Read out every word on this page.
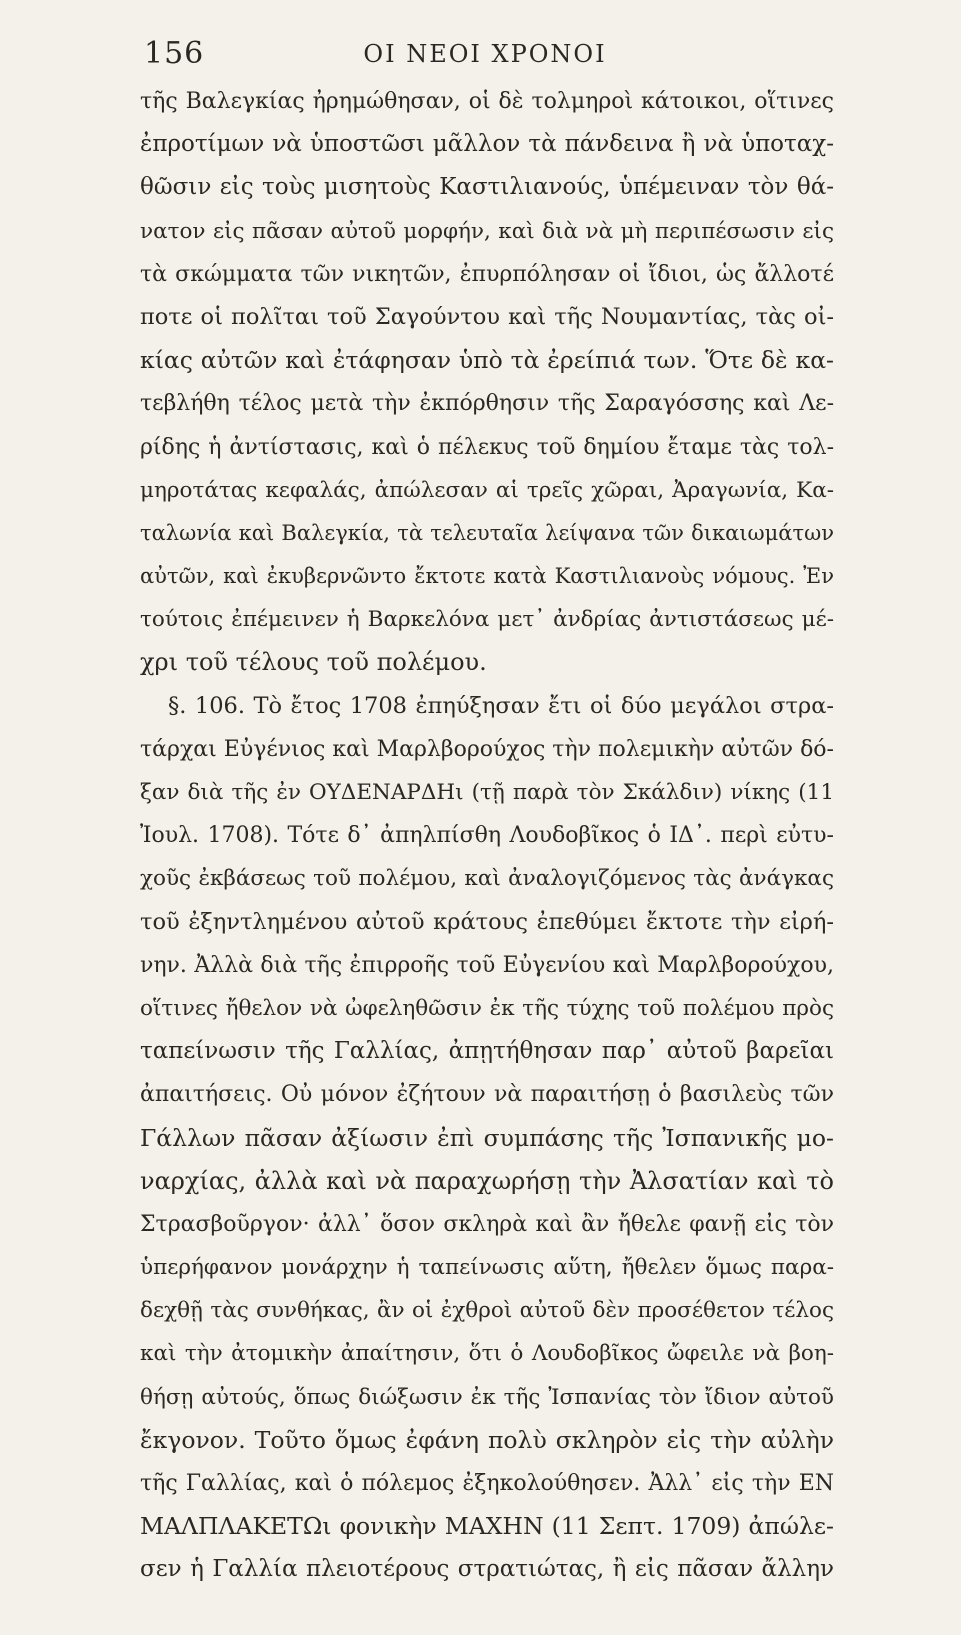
156	ΟΙ ΝΕΟΙ ΧΡΟΝΟΙ
τῆς Βαλεγκίας ἠρημώθησαν, οἱ δὲ τολμηροὶ κάτοικοι, οἵτινες
ἐπροτίμων νὰ ὑποστῶσι μᾶλλον τὰ πάνδεινα ἢ νὰ ὑποταχ-
θῶσιν εἰς τοὺς μισητοὺς Καστιλιανούς, ὑπέμειναν τὸν θά-
νατον εἰς πᾶσαν αὐτοῦ μορφήν, καὶ διὰ νὰ μὴ περιπέσωσιν εἰς
τὰ σκώμματα τῶν νικητῶν, ἐπυρπόλησαν οἱ ἴδιοι, ὡς ἄλλοτέ
ποτε οἱ πολῖται τοῦ Σαγούντου καὶ τῆς Νουμαντίας, τὰς οἰ-
κίας αὐτῶν καὶ ἐτάφησαν ὑπὸ τὰ ἐρείπιά των. Ὅτε δὲ κα-
τεβλήθη τέλος μετὰ τὴν ἐκπόρθησιν τῆς Σαραγόσσης καὶ Λε-
ρίδης ἡ ἀντίστασις, καὶ ὁ πέλεκυς τοῦ δημίου ἔταμε τὰς τολ-
μηροτάτας κεφαλάς, ἀπώλεσαν αἱ τρεῖς χῶραι, Ἀραγωνία, Κα-
ταλωνία καὶ Βαλεγκία, τὰ τελευταῖα λείψανα τῶν δικαιωμάτων
αὐτῶν, καὶ ἐκυβερνῶντο ἔκτοτε κατὰ Καστιλιανοὺς νόμους. Ἐν
τούτοις ἐπέμεινεν ἡ Βαρκελόνα μετ᾽ ἀνδρίας ἀντιστάσεως μέ-
χρι τοῦ τέλους τοῦ πολέμου.
§. 106. Τὸ ἔτος 1708 ἐπηύξησαν ἔτι οἱ δύο μεγάλοι στρα-
τάρχαι Εὐγένιος καὶ Μαρλβορούχος τὴν πολεμικὴν αὐτῶν δό-
ξαν διὰ τῆς ἐν ΟΥΔΕΝΑΡΔΗι (τῇ παρὰ τὸν Σκάλδιν) νίκης (11
Ἰουλ. 1708). Τότε δ᾽ ἀπηλπίσθη Λουδοβῖκος ὁ ΙΔ᾽. περὶ εὐτυ-
χοῦς ἐκβάσεως τοῦ πολέμου, καὶ ἀναλογιζόμενος τὰς ἀνάγκας
τοῦ ἐξηντλημένου αὐτοῦ κράτους ἐπεθύμει ἔκτοτε τὴν εἰρή-
νην. Ἀλλὰ διὰ τῆς ἐπιρροῆς τοῦ Εὐγενίου καὶ Μαρλβορούχου,
οἵτινες ἤθελον νὰ ὠφεληθῶσιν ἐκ τῆς τύχης τοῦ πολέμου πρὸς
ταπείνωσιν τῆς Γαλλίας, ἀπῃτήθησαν παρ᾽ αὐτοῦ βαρεῖαι
ἀπαιτήσεις. Οὐ μόνον ἐζήτουν νὰ παραιτήσῃ ὁ βασιλεὺς τῶν
Γάλλων πᾶσαν ἀξίωσιν ἐπὶ συμπάσης τῆς Ἰσπανικῆς μο-
ναρχίας, ἀλλὰ καὶ νὰ παραχωρήσῃ τὴν Ἀλσατίαν καὶ τὸ
Στρασβοῦργον· ἀλλ᾽ ὅσον σκληρὰ καὶ ἂν ἤθελε φανῇ εἰς τὸν
ὑπερήφανον μονάρχην ἡ ταπείνωσις αὕτη, ἤθελεν ὅμως παρα-
δεχθῇ τὰς συνθήκας, ἂν οἱ ἐχθροὶ αὐτοῦ δὲν προσέθετον τέλος
καὶ τὴν ἀτομικὴν ἀπαίτησιν, ὅτι ὁ Λουδοβῖκος ὤφειλε νὰ βοη-
θήσῃ αὐτούς, ὅπως διώξωσιν ἐκ τῆς Ἰσπανίας τὸν ἴδιον αὐτοῦ
ἔκγονον. Τοῦτο ὅμως ἐφάνη πολὺ σκληρὸν εἰς τὴν αὐλὴν
τῆς Γαλλίας, καὶ ὁ πόλεμος ἐξηκολούθησεν. Ἀλλ᾽ εἰς τὴν ΕΝ
ΜΑΛΠΛΑΚΕΤΩι φονικὴν ΜΑΧΗΝ (11 Σεπτ. 1709) ἀπώλε-
σεν ἡ Γαλλία πλειοτέρους στρατιώτας, ἢ εἰς πᾶσαν ἄλλην
